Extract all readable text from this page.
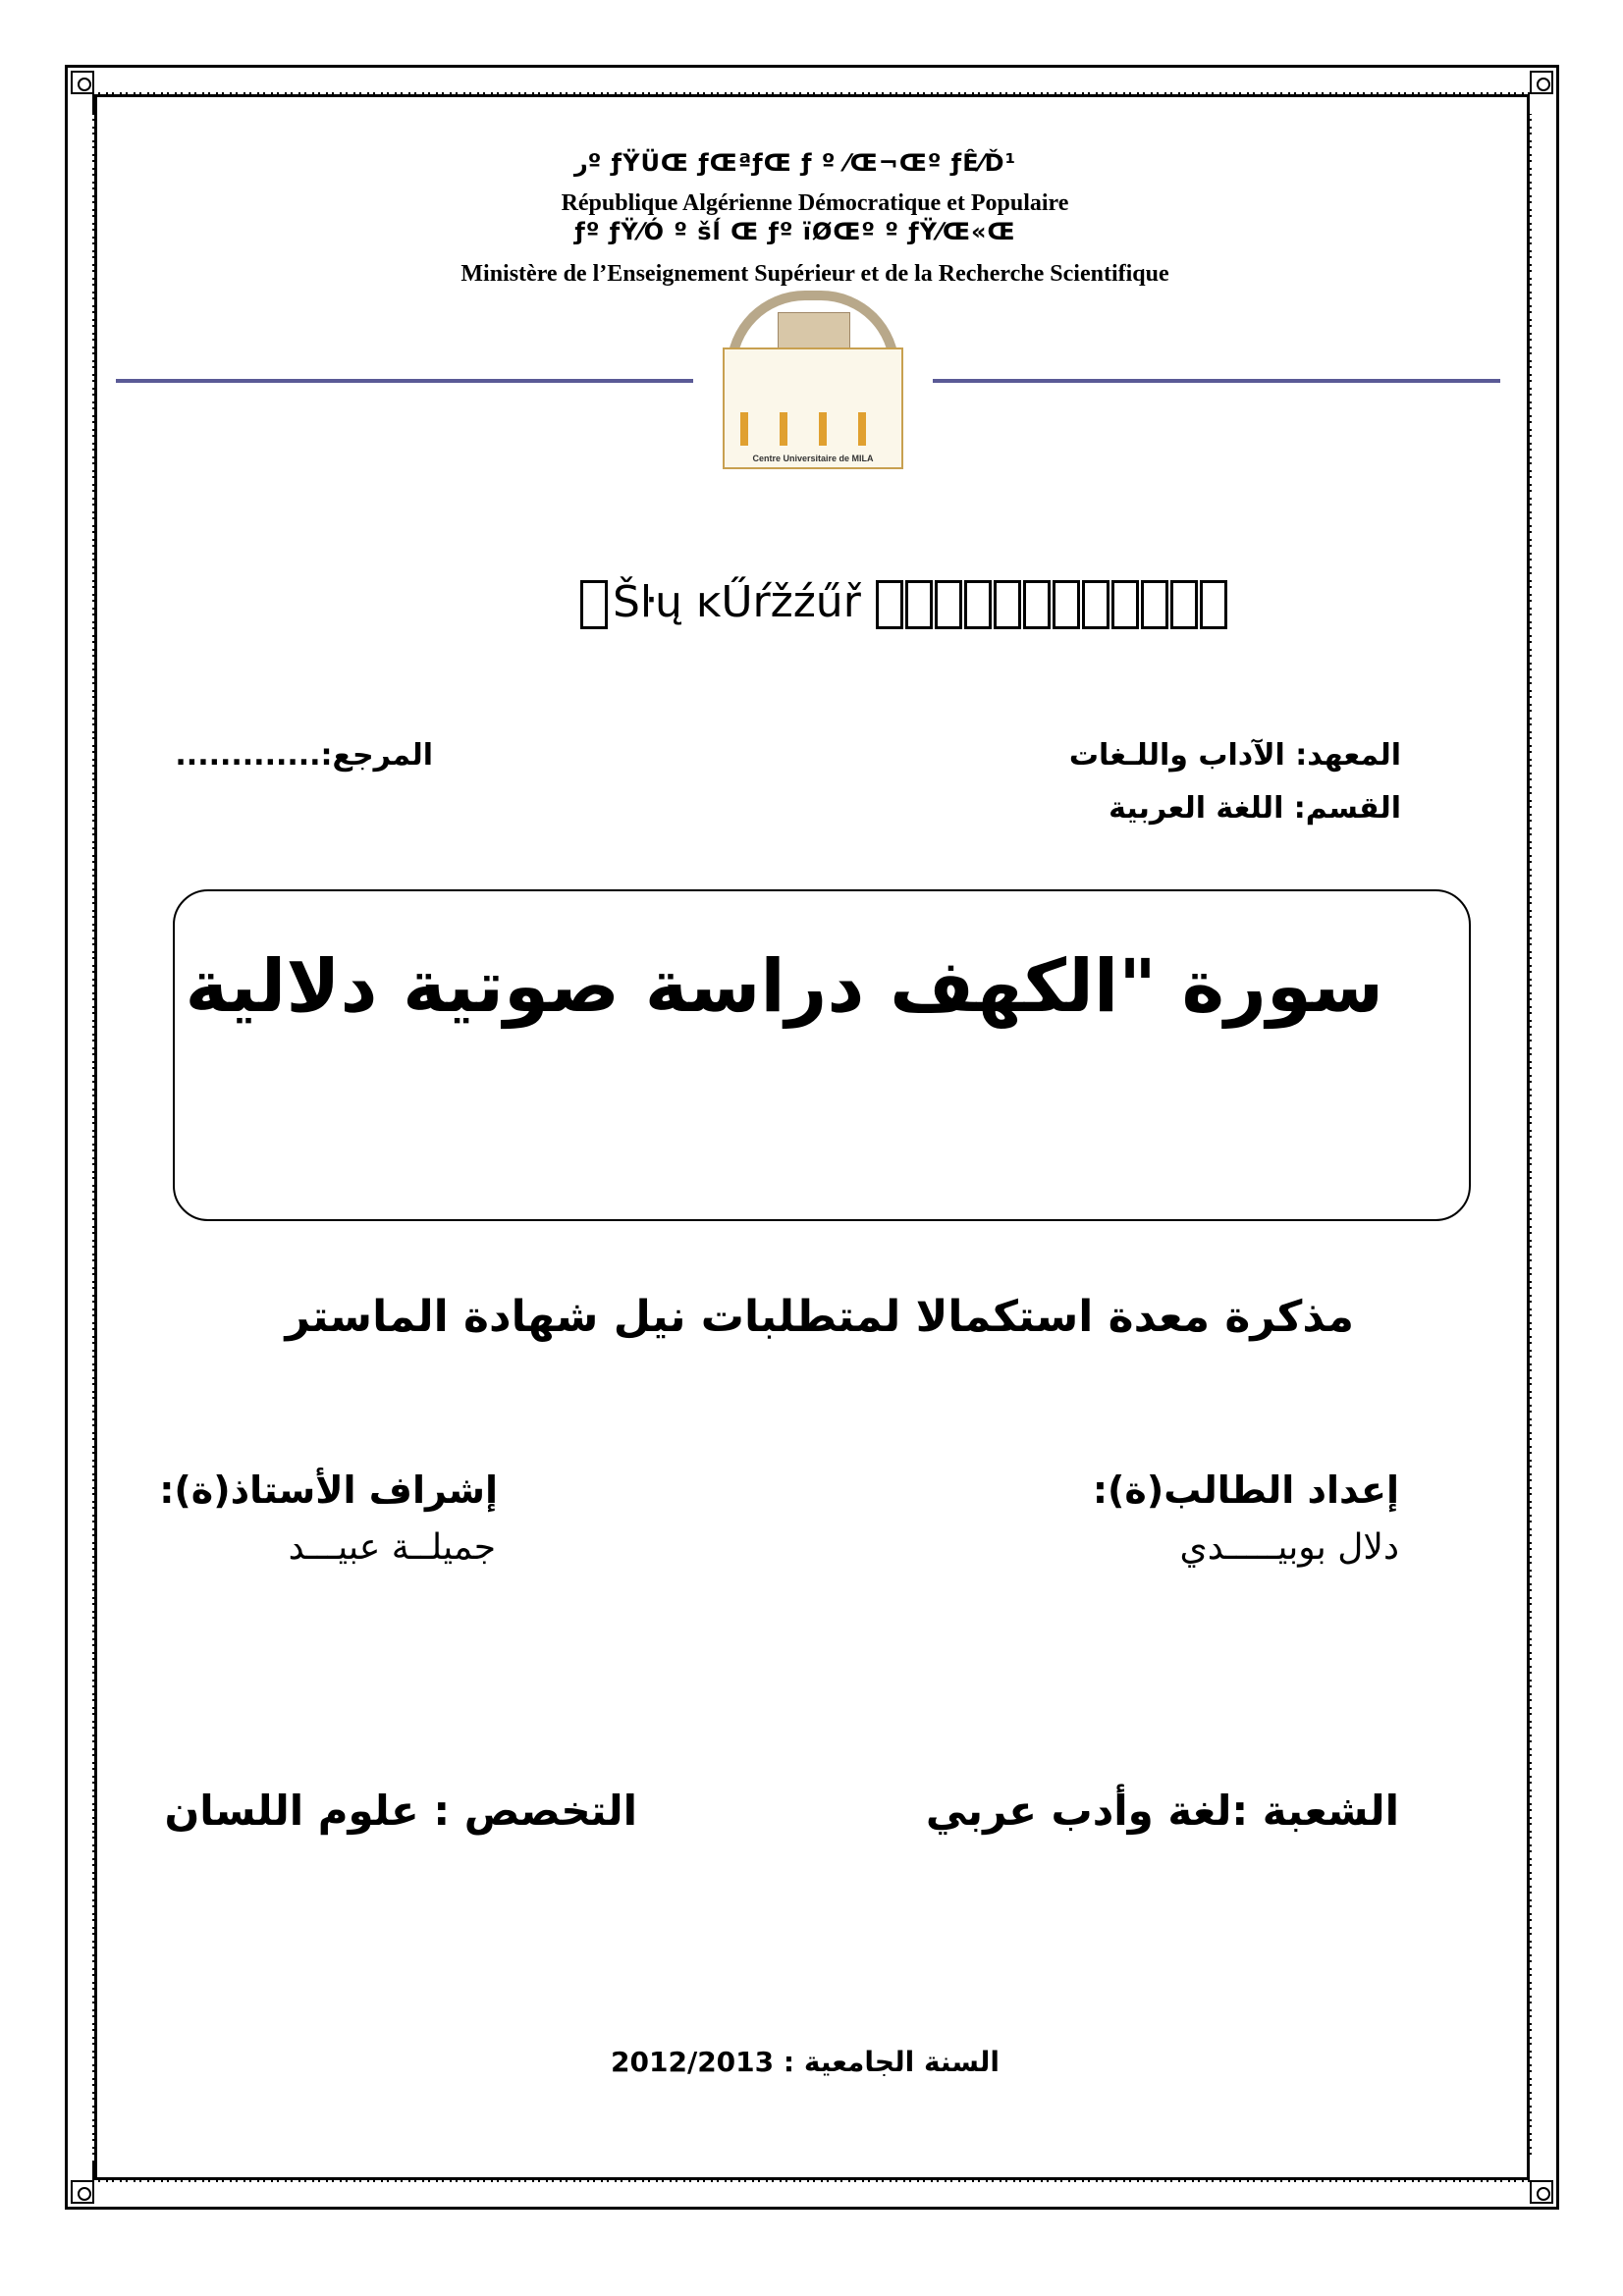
ﺭº ƒŸÜŒ ƒŒªƒŒ ƒ º ⁄Œ¬Œº ƒÊ⁄Ď¹
République Algérienne Démocratique et Populaire
ƒº ƒŸ⁄Ó º šĺ Œ ƒº ïØŒº º ƒŸ⁄Œ«Œ
Ministère de l’Enseignement Supérieur et de la Recherche Scientifique
Centre Universitaire de MILA
Šŀų ĸŰŕžźűř
المعهد: الآداب واللـغات
القسم: اللغة العربية
المرجع:.............
سورة "الكهف دراسة صوتية دلالية
مذكرة معدة استكمالا لمتطلبات نيل شهادة الماستر
إعداد الطالب(ة):
دلال بوبيـــــدي
إشراف الأستاذ(ة):
جميلــة عبيـــد
الشعبة :لغة وأدب عربي
التخصص : علوم اللسان
السنة الجامعية : 2012/2013
